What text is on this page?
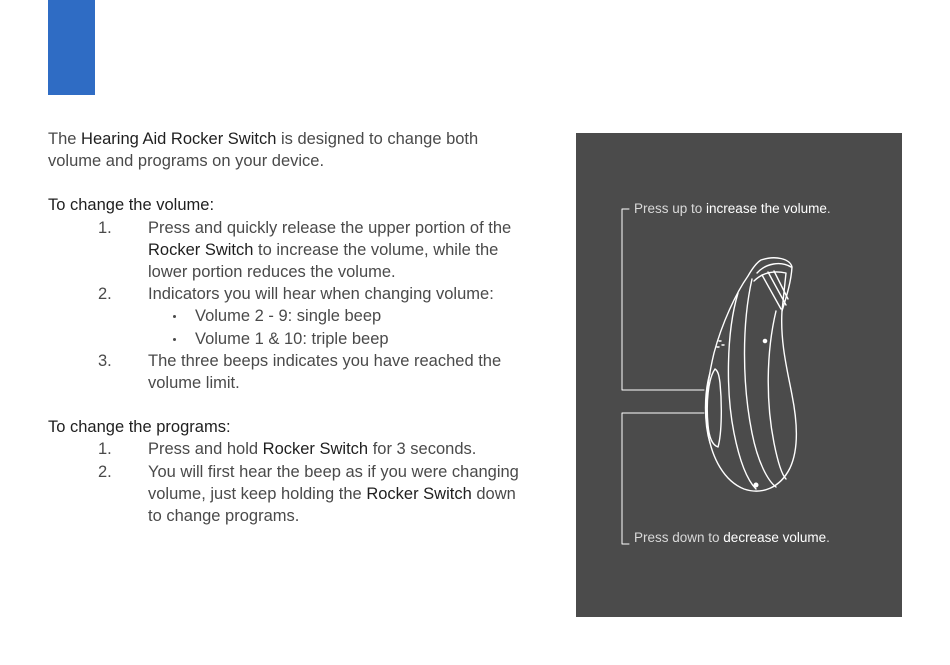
The Hearing Aid Rocker Switch is designed to change both
volume and programs on your device.

To change the volume:

1.	Press and quickly release the upper portion of the
Rocker Switch to increase the volume, while the
lower portion reduces the volume.
2.	Indicators you will hear when changing volume:
Volume 2 - 9: single beep
Volume 1 & 10: triple beep
3.	The three beeps indicates you have reached the
volume limit.

To change the programs:

1.	Press and hold Rocker Switch for 3 seconds.
2.	You will first hear the beep as if you were changing
volume, just keep holding the Rocker Switch down
to change programs.
Press up to increase the volume.
Press down to decrease volume.
